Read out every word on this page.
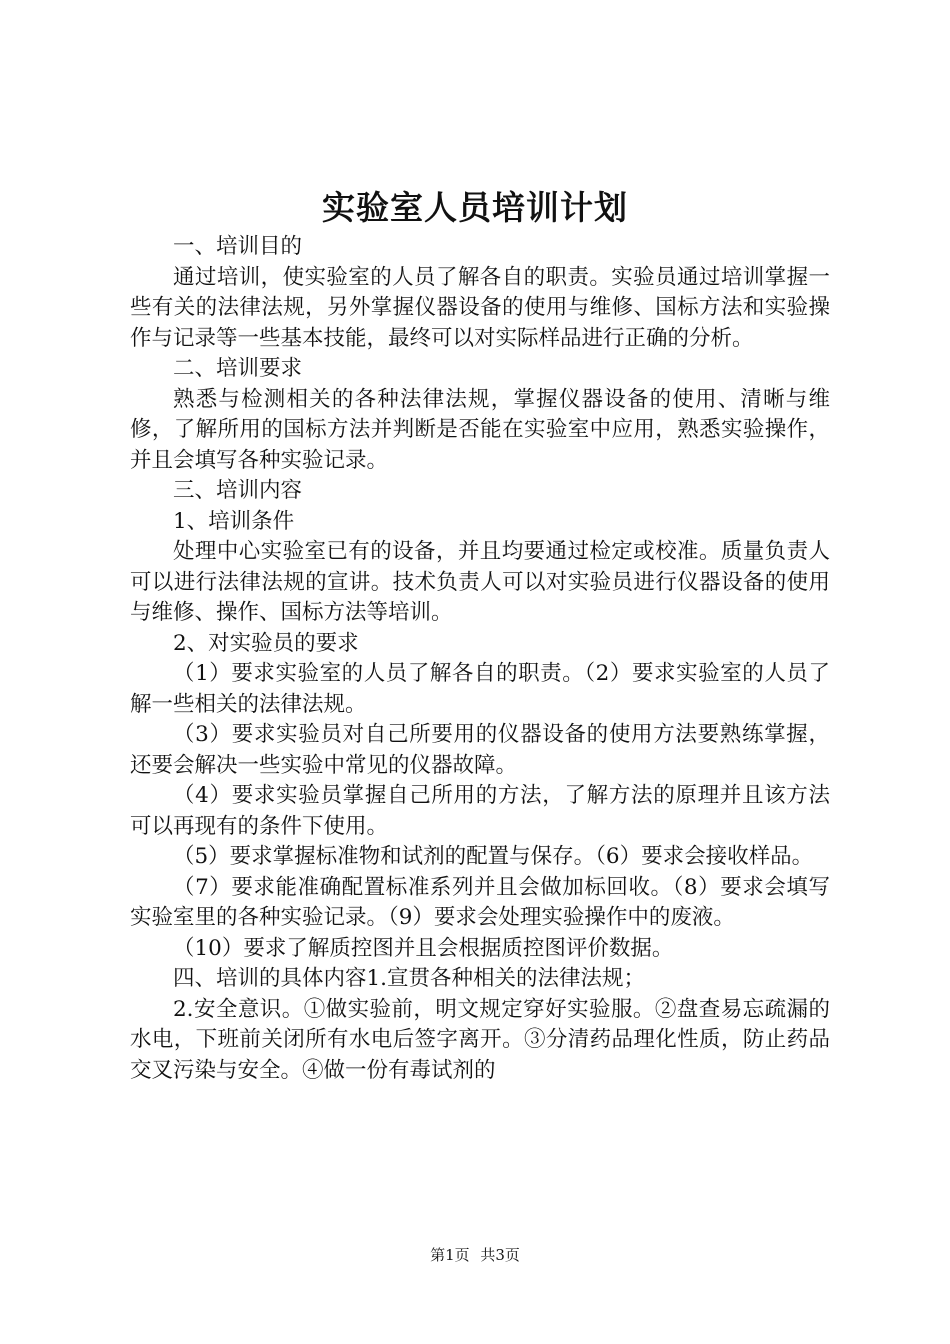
实验室人员培训计划

一、培训目的

通过培训，使实验室的人员了解各自的职责。实验员通过培训掌握一些有关的法律法规，另外掌握仪器设备的使用与维修、国标方法和实验操作与记录等一些基本技能，最终可以对实际样品进行正确的分析。

二、培训要求

熟悉与检测相关的各种法律法规，掌握仪器设备的使用、清晰与维修，了解所用的国标方法并判断是否能在实验室中应用，熟悉实验操作，并且会填写各种实验记录。

三、培训内容

1、培训条件

处理中心实验室已有的设备，并且均要通过检定或校准。质量负责人可以进行法律法规的宣讲。技术负责人可以对实验员进行仪器设备的使用与维修、操作、国标方法等培训。

2、对实验员的要求

（1）要求实验室的人员了解各自的职责。（2）要求实验室的人员了解一些相关的法律法规。

（3）要求实验员对自己所要用的仪器设备的使用方法要熟练掌握，还要会解决一些实验中常见的仪器故障。

（4）要求实验员掌握自己所用的方法，了解方法的原理并且该方法可以再现有的条件下使用。

（5）要求掌握标准物和试剂的配置与保存。（6）要求会接收样品。

（7）要求能准确配置标准系列并且会做加标回收。（8）要求会填写实验室里的各种实验记录。（9）要求会处理实验操作中的废液。

（10）要求了解质控图并且会根据质控图评价数据。

四、培训的具体内容1.宣贯各种相关的法律法规；

2.安全意识。①做实验前，明文规定穿好实验服。②盘查易忘疏漏的水电，下班前关闭所有水电后签字离开。③分清药品理化性质，防止药品交叉污染与安全。④做一份有毒试剂的

第1页 共3页
